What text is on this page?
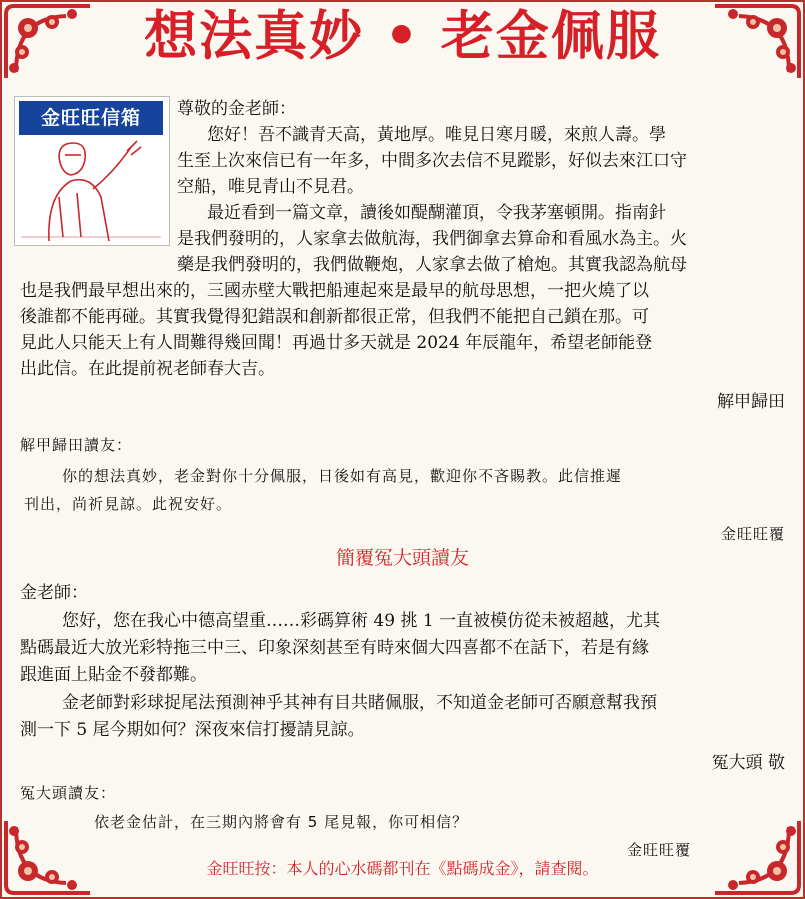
想法真妙 • 老金佩服
金旺旺信箱	尊敬的金老師：
您好！吾不識青天高，黃地厚。唯見日寒月暖，來煎人壽。學
生至上次來信已有一年多，中間多次去信不見蹤影，好似去來江口守
空船，唯見青山不見君。
最近看到一篇文章，讀後如醍醐灌頂，令我茅塞頓開。指南針
是我們發明的，人家拿去做航海，我們御拿去算命和看風水為主。火
藥是我們發明的，我們做鞭炮，人家拿去做了槍炮。其實我認為航母
也是我們最早想出來的，三國赤壁大戰把船連起來是最早的航母思想，一把火燒了以
後誰都不能再碰。其實我覺得犯錯誤和創新都很正常，但我們不能把自己鎖在那。可
見此人只能天上有人間難得幾回聞！再過廿多天就是 2024 年辰龍年，希望老師能登
出此信。在此提前祝老師春大吉。
解甲歸田
解甲歸田讀友：
你的想法真妙，老金對你十分佩服，日後如有高見，歡迎你不吝賜教。此信推遲
刊出，尚祈見諒。此祝安好。
金旺旺覆
簡覆冤大頭讀友
金老師：
您好，您在我心中德高望重……彩碼算術 49 挑 1 一直被模仿從未被超越，尤其
點碼最近大放光彩特拖三中三、印象深刻甚至有時來個大四喜都不在話下，若是有緣
跟進面上貼金不發都難。
金老師對彩球捉尾法預測神乎其神有目共睹佩服，不知道金老師可否願意幫我預
測一下 5 尾今期如何？深夜來信打擾請見諒。
冤大頭 敬
冤大頭讀友：
依老金估計，在三期內將會有 5 尾見報，你可相信？
金旺旺覆
金旺旺按：本人的心水碼都刊在《點碼成金》，請查閱。
